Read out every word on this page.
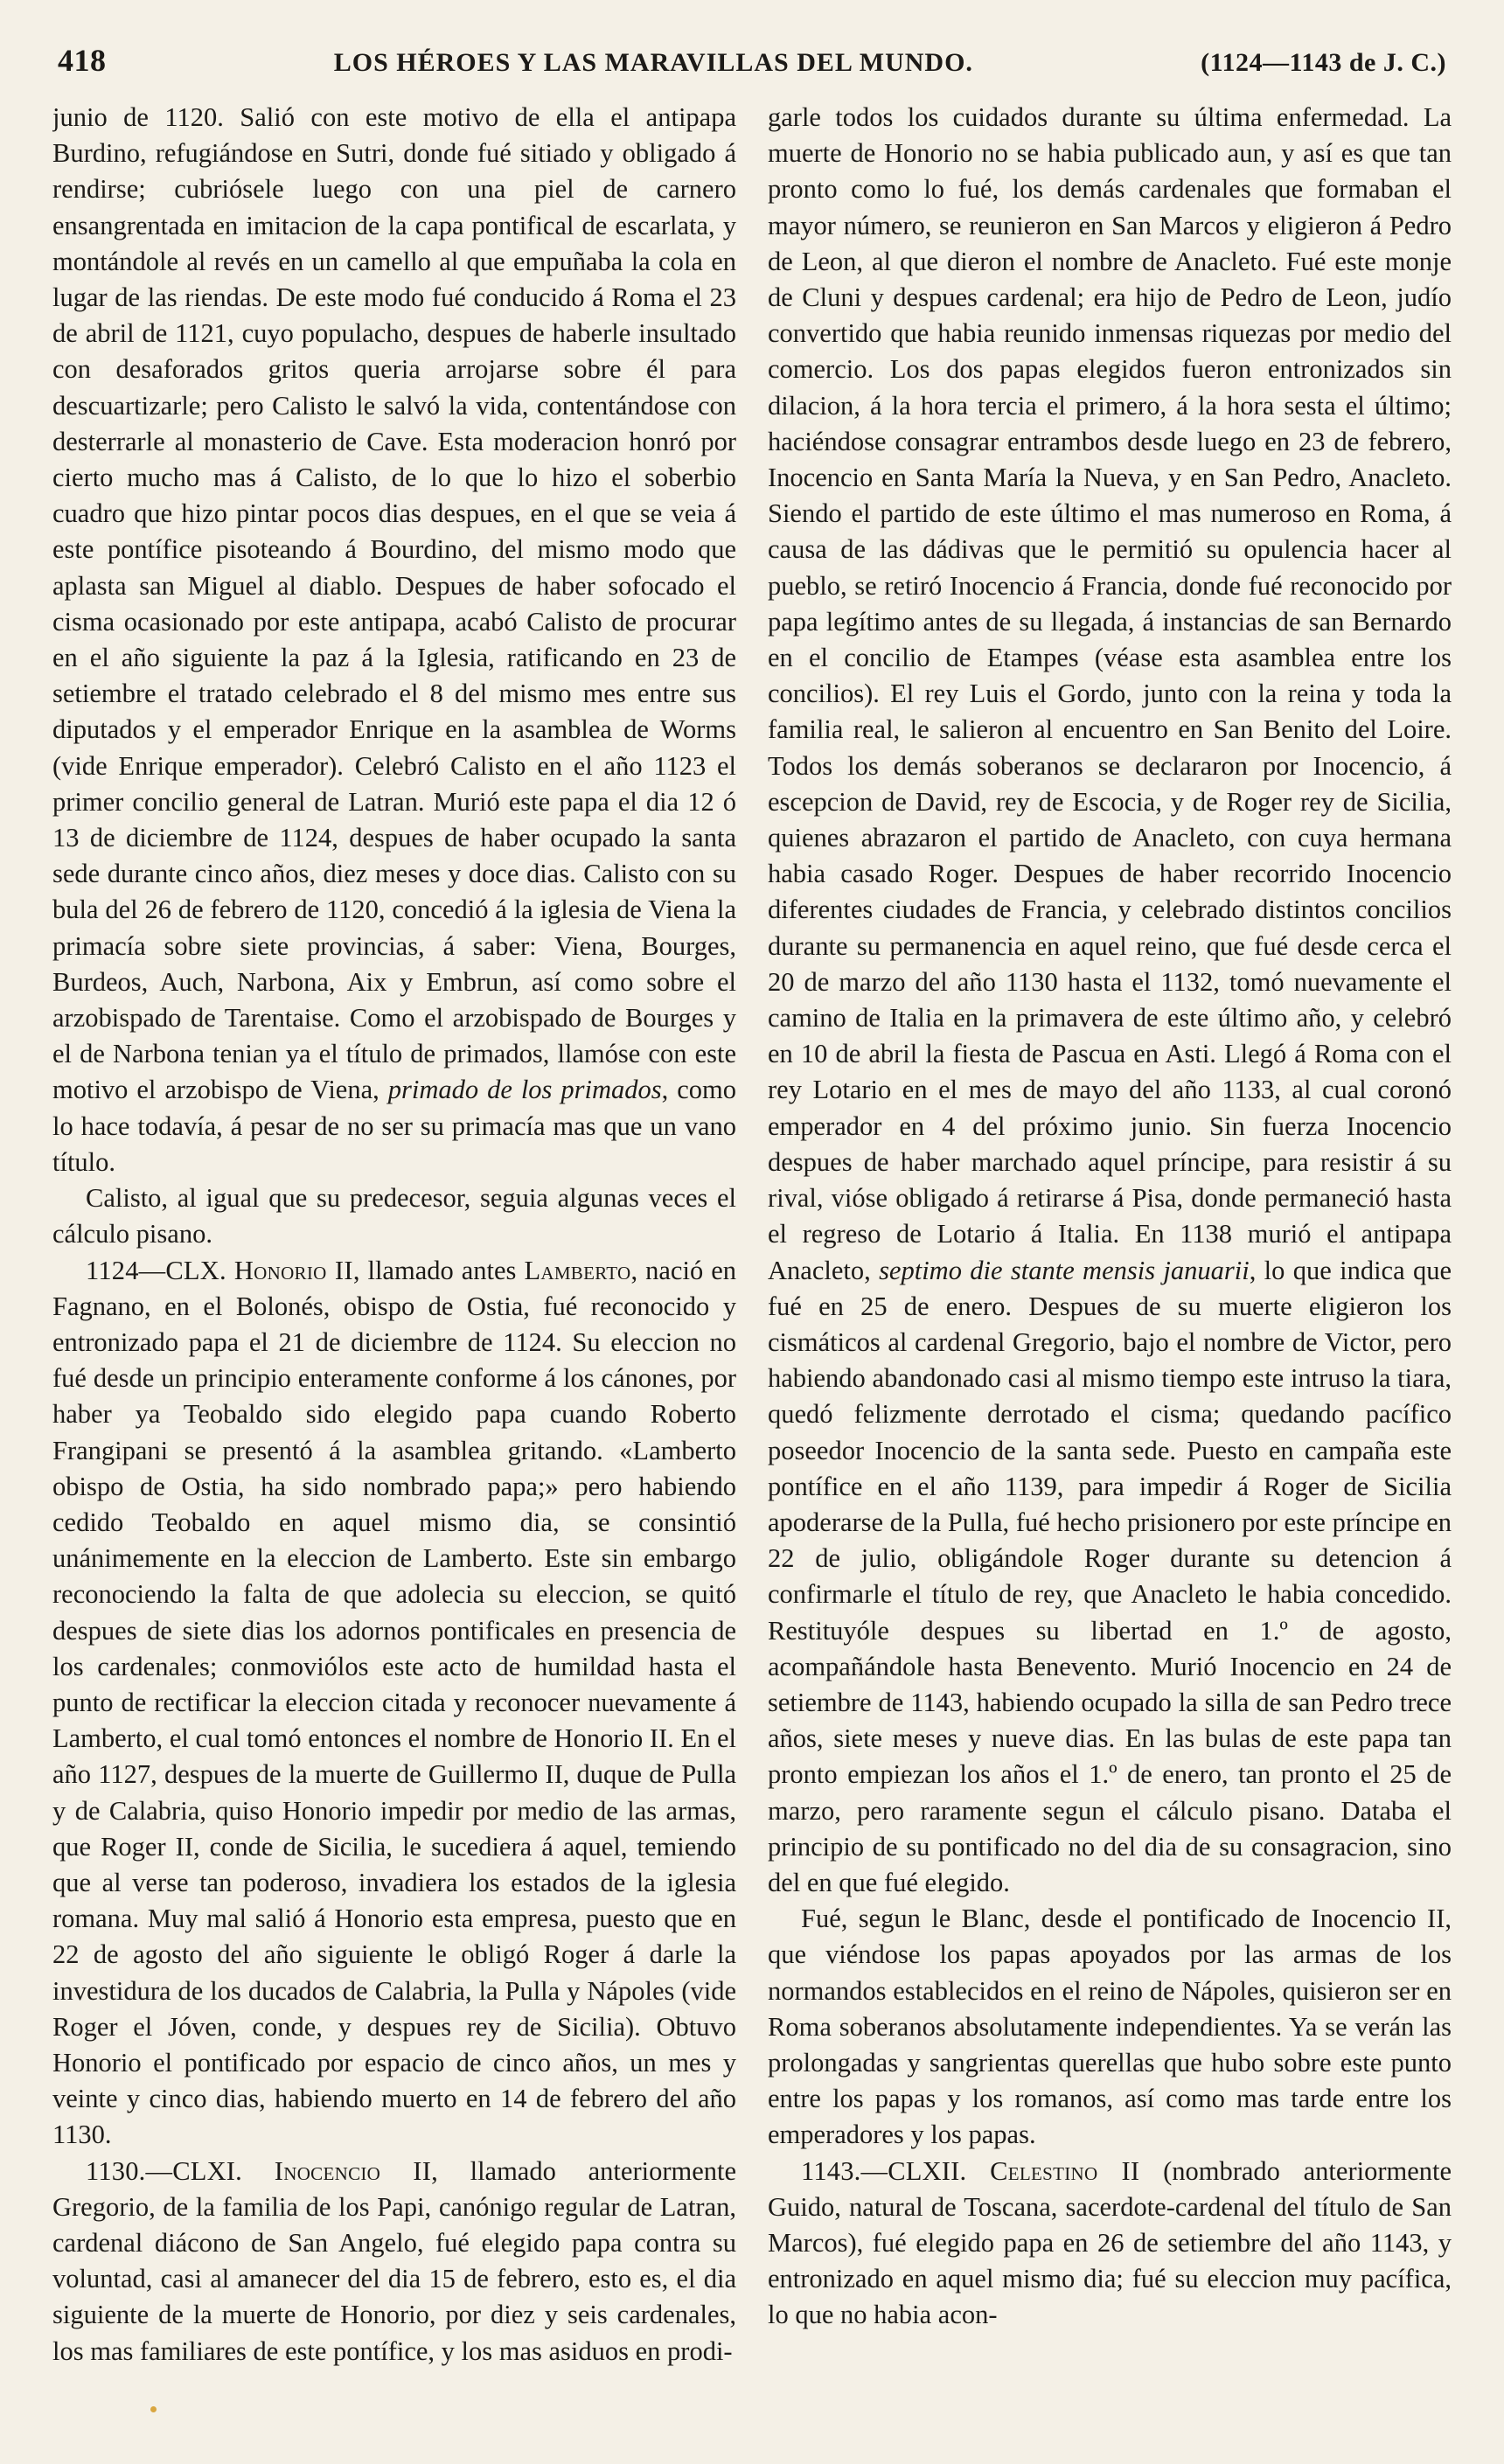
418	LOS HÉROES Y LAS MARAVILLAS DEL MUNDO.	(1124—1143 de J. C.)

junio de 1120. Salió con este motivo de ella el antipapa Burdino, refugiándose en Sutri, donde fué sitiado y obligado á rendirse; cubriósele luego con una piel de carnero ensangrentada en imitacion de la capa pontifical de escarlata, y montándole al revés en un camello al que empuñaba la cola en lugar de las riendas. De este modo fué conducido á Roma el 23 de abril de 1121, cuyo populacho, despues de haberle insultado con desaforados gritos queria arrojarse sobre él para descuartizarle; pero Calisto le salvó la vida, contentándose con desterrarle al monasterio de Cave. Esta moderacion honró por cierto mucho mas á Calisto, de lo que lo hizo el soberbio cuadro que hizo pintar pocos dias despues, en el que se veia á este pontífice pisoteando á Bourdino, del mismo modo que aplasta san Miguel al diablo. Despues de haber sofocado el cisma ocasionado por este antipapa, acabó Calisto de procurar en el año siguiente la paz á la Iglesia, ratificando en 23 de setiembre el tratado celebrado el 8 del mismo mes entre sus diputados y el emperador Enrique en la asamblea de Worms (vide Enrique emperador). Celebró Calisto en el año 1123 el primer concilio general de Latran. Murió este papa el dia 12 ó 13 de diciembre de 1124, despues de haber ocupado la santa sede durante cinco años, diez meses y doce dias. Calisto con su bula del 26 de febrero de 1120, concedió á la iglesia de Viena la primacía sobre siete provincias, á saber: Viena, Bourges, Burdeos, Auch, Narbona, Aix y Embrun, así como sobre el arzobispado de Tarentaise. Como el arzobispado de Bourges y el de Narbona tenian ya el título de primados, llamóse con este motivo el arzobispo de Viena, primado de los primados, como lo hace todavía, á pesar de no ser su primacía mas que un vano título.

Calisto, al igual que su predecesor, seguia algunas veces el cálculo pisano.

1124—CLX. Honorio II, llamado antes Lamberto, nació en Fagnano, en el Bolonés, obispo de Ostia, fué reconocido y entronizado papa el 21 de diciembre de 1124. Su eleccion no fué desde un principio enteramente conforme á los cánones, por haber ya Teobaldo sido elegido papa cuando Roberto Frangipani se presentó á la asamblea gritando. «Lamberto obispo de Ostia, ha sido nombrado papa;» pero habiendo cedido Teobaldo en aquel mismo dia, se consintió unánimemente en la eleccion de Lamberto. Este sin embargo reconociendo la falta de que adolecia su eleccion, se quitó despues de siete dias los adornos pontificales en presencia de los cardenales; conmoviólos este acto de humildad hasta el punto de rectificar la eleccion citada y reconocer nuevamente á Lamberto, el cual tomó entonces el nombre de Honorio II. En el año 1127, despues de la muerte de Guillermo II, duque de Pulla y de Calabria, quiso Honorio impedir por medio de las armas, que Roger II, conde de Sicilia, le sucediera á aquel, temiendo que al verse tan poderoso, invadiera los estados de la iglesia romana. Muy mal salió á Honorio esta empresa, puesto que en 22 de agosto del año siguiente le obligó Roger á darle la investidura de los ducados de Calabria, la Pulla y Nápoles (vide Roger el Jóven, conde, y despues rey de Sicilia). Obtuvo Honorio el pontificado por espacio de cinco años, un mes y veinte y cinco dias, habiendo muerto en 14 de febrero del año 1130.

1130.—CLXI. Inocencio II, llamado anteriormente Gregorio, de la familia de los Papi, canónigo regular de Latran, cardenal diácono de San Angelo, fué elegido papa contra su voluntad, casi al amanecer del dia 15 de febrero, esto es, el dia siguiente de la muerte de Honorio, por diez y seis cardenales, los mas familiares de este pontífice, y los mas asiduos en prodi-

garle todos los cuidados durante su última enfermedad. La muerte de Honorio no se habia publicado aun, y así es que tan pronto como lo fué, los demás cardenales que formaban el mayor número, se reunieron en San Marcos y eligieron á Pedro de Leon, al que dieron el nombre de Anacleto. Fué este monje de Cluni y despues cardenal; era hijo de Pedro de Leon, judío convertido que habia reunido inmensas riquezas por medio del comercio. Los dos papas elegidos fueron entronizados sin dilacion, á la hora tercia el primero, á la hora sesta el último; haciéndose consagrar entrambos desde luego en 23 de febrero, Inocencio en Santa María la Nueva, y en San Pedro, Anacleto. Siendo el partido de este último el mas numeroso en Roma, á causa de las dádivas que le permitió su opulencia hacer al pueblo, se retiró Inocencio á Francia, donde fué reconocido por papa legítimo antes de su llegada, á instancias de san Bernardo en el concilio de Etampes (véase esta asamblea entre los concilios). El rey Luis el Gordo, junto con la reina y toda la familia real, le salieron al encuentro en San Benito del Loire. Todos los demás soberanos se declararon por Inocencio, á escepcion de David, rey de Escocia, y de Roger rey de Sicilia, quienes abrazaron el partido de Anacleto, con cuya hermana habia casado Roger. Despues de haber recorrido Inocencio diferentes ciudades de Francia, y celebrado distintos concilios durante su permanencia en aquel reino, que fué desde cerca el 20 de marzo del año 1130 hasta el 1132, tomó nuevamente el camino de Italia en la primavera de este último año, y celebró en 10 de abril la fiesta de Pascua en Asti. Llegó á Roma con el rey Lotario en el mes de mayo del año 1133, al cual coronó emperador en 4 del próximo junio. Sin fuerza Inocencio despues de haber marchado aquel príncipe, para resistir á su rival, vióse obligado á retirarse á Pisa, donde permaneció hasta el regreso de Lotario á Italia. En 1138 murió el antipapa Anacleto, septimo die stante mensis januarii, lo que indica que fué en 25 de enero. Despues de su muerte eligieron los cismáticos al cardenal Gregorio, bajo el nombre de Victor, pero habiendo abandonado casi al mismo tiempo este intruso la tiara, quedó felizmente derrotado el cisma; quedando pacífico poseedor Inocencio de la santa sede. Puesto en campaña este pontífice en el año 1139, para impedir á Roger de Sicilia apoderarse de la Pulla, fué hecho prisionero por este príncipe en 22 de julio, obligándole Roger durante su detencion á confirmarle el título de rey, que Anacleto le habia concedido. Restituyóle despues su libertad en 1.º de agosto, acompañándole hasta Benevento. Murió Inocencio en 24 de setiembre de 1143, habiendo ocupado la silla de san Pedro trece años, siete meses y nueve dias. En las bulas de este papa tan pronto empiezan los años el 1.º de enero, tan pronto el 25 de marzo, pero raramente segun el cálculo pisano. Databa el principio de su pontificado no del dia de su consagracion, sino del en que fué elegido.

Fué, segun le Blanc, desde el pontificado de Inocencio II, que viéndose los papas apoyados por las armas de los normandos establecidos en el reino de Nápoles, quisieron ser en Roma soberanos absolutamente independientes. Ya se verán las prolongadas y sangrientas querellas que hubo sobre este punto entre los papas y los romanos, así como mas tarde entre los emperadores y los papas.

1143.—CLXII. Celestino II (nombrado anteriormente Guido, natural de Toscana, sacerdote-cardenal del título de San Marcos), fué elegido papa en 26 de setiembre del año 1143, y entronizado en aquel mismo dia; fué su eleccion muy pacífica, lo que no habia acon-
